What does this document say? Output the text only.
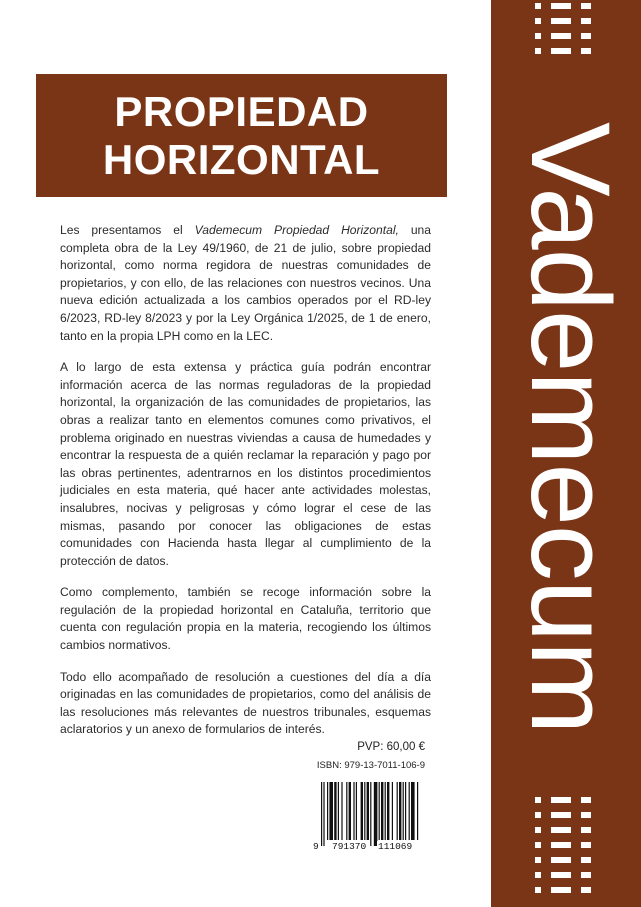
Vademecum
PROPIEDAD
HORIZONTAL

Les presentamos el Vademecum Propiedad Horizontal, una completa obra de la Ley 49/1960, de 21 de julio, sobre propiedad horizontal, como norma regidora de nuestras comunidades de propietarios, y con ello, de las relaciones con nuestros vecinos. Una nueva edición actualizada a los cambios operados por el RD-ley 6/2023, RD-ley 8/2023 y por la Ley Orgánica 1/2025, de 1 de enero, tanto en la propia LPH como en la LEC.

A lo largo de esta extensa y práctica guía podrán encontrar información acerca de las normas reguladoras de la propiedad horizontal, la organización de las comunidades de propietarios, las obras a realizar tanto en elementos comunes como privativos, el problema originado en nuestras viviendas a causa de humedades y encontrar la respuesta de a quién reclamar la reparación y pago por las obras pertinentes, adentrarnos en los distintos procedimientos judiciales en esta materia, qué hacer ante actividades molestas, insalubres, nocivas y peligrosas y cómo lograr el cese de las mismas, pasando por conocer las obligaciones de estas comunidades con Hacienda hasta llegar al cumplimiento de la protección de datos.

Como complemento, también se recoge información sobre la regulación de la propiedad horizontal en Cataluña, territorio que cuenta con regulación propia en la materia, recogiendo los últimos cambios normativos.

Todo ello acompañado de resolución a cuestiones del día a día originadas en las comunidades de propietarios, como del análisis de las resoluciones más relevantes de nuestros tribunales, esquemas aclaratorios y un anexo de formularios de interés.

PVP: 60,00 €
ISBN: 979-13-7011-106-9
9 791370 111069
